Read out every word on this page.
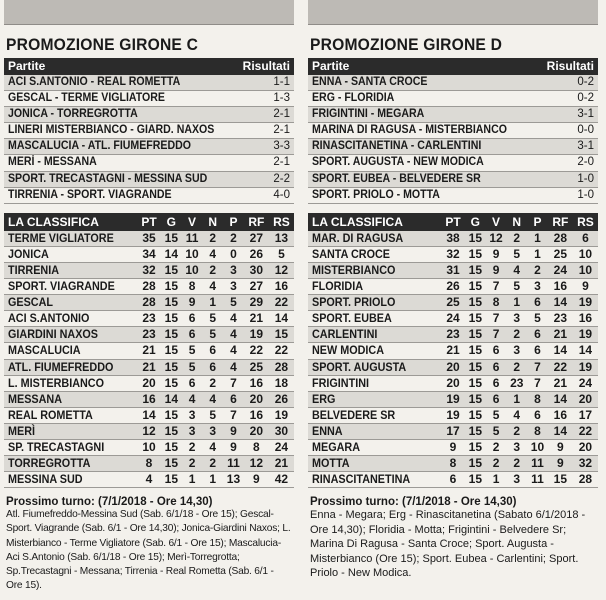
PROMOZIONE GIRONE C
Partite	Risultati
ACI S.ANTONIO - REAL ROMETTA	1-1
GESCAL - TERME VIGLIATORE	1-3
JONICA - TORREGROTTA	2-1
LINERI MISTERBIANCO - GIARD. NAXOS	2-1
MASCALUCIA - ATL. FIUMEFREDDO	3-3
MERÌ - MESSANA	2-1
SPORT. TRECASTAGNI - MESSINA SUD	2-2
TIRRENIA - SPORT. VIAGRANDE	4-0
LA CLASSIFICA	PT	G	V	N	P	RF	RS
TERME VIGLIATORE	35	15	11	2	2	27	13
JONICA	34	14	10	4	0	26	5
TIRRENIA	32	15	10	2	3	30	12
SPORT. VIAGRANDE	28	15	8	4	3	27	16
GESCAL	28	15	9	1	5	29	22
ACI S.ANTONIO	23	15	6	5	4	21	14
GIARDINI NAXOS	23	15	6	5	4	19	15
MASCALUCIA	21	15	5	6	4	22	22
ATL. FIUMEFREDDO	21	15	5	6	4	25	28
L. MISTERBIANCO	20	15	6	2	7	16	18
MESSANA	16	14	4	4	6	20	26
REAL ROMETTA	14	15	3	5	7	16	19
MERÌ	12	15	3	3	9	20	30
SP. TRECASTAGNI	10	15	2	4	9	8	24
TORREGROTTA	8	15	2	2	11	12	21
MESSINA SUD	4	15	1	1	13	9	42
Prossimo turno: (7/1/2018 - Ore 14,30)
Atl. Fiumefreddo-Messina Sud (Sab. 6/1/18 - Ore 15); Gescal-Sport. Viagrande (Sab. 6/1 - Ore 14,30); Jonica-Giardini Naxos; L. Misterbianco - Terme Vigliatore (Sab. 6/1 - Ore 15); Mascalucia-Aci S.Antonio (Sab. 6/1/18 - Ore 15); Merì-Torregrotta; Sp.Trecastagni - Messana; Tirrenia - Real Rometta (Sab. 6/1 - Ore 15).
PROMOZIONE GIRONE D
Partite	Risultati
ENNA - SANTA CROCE	0-2
ERG - FLORIDIA	0-2
FRIGINTINI - MEGARA	3-1
MARINA DI RAGUSA - MISTERBIANCO	0-0
RINASCITANETINA - CARLENTINI	3-1
SPORT. AUGUSTA - NEW MODICA	2-0
SPORT. EUBEA - BELVEDERE SR	1-0
SPORT. PRIOLO - MOTTA	1-0
LA CLASSIFICA	PT	G	V	N	P	RF	RS
MAR. DI RAGUSA	38	15	12	2	1	28	6
SANTA CROCE	32	15	9	5	1	25	10
MISTERBIANCO	31	15	9	4	2	24	10
FLORIDIA	26	15	7	5	3	16	9
SPORT. PRIOLO	25	15	8	1	6	14	19
SPORT. EUBEA	24	15	7	3	5	23	16
CARLENTINI	23	15	7	2	6	21	19
NEW MODICA	21	15	6	3	6	14	14
SPORT. AUGUSTA	20	15	6	2	7	22	19
FRIGINTINI	20	15	6	23	7	21	24
ERG	19	15	6	1	8	14	20
BELVEDERE SR	19	15	5	4	6	16	17
ENNA	17	15	5	2	8	14	22
MEGARA	9	15	2	3	10	9	20
MOTTA	8	15	2	2	11	9	32
RINASCITANETINA	6	15	1	3	11	15	28
Prossimo turno: (7/1/2018 - Ore 14,30)
Enna - Megara; Erg - Rinascitanetina (Sabato 6/1/2018 - Ore 14,30); Floridia - Motta; Frigintini - Belvedere Sr; Marina Di Ragusa - Santa Croce; Sport. Augusta - Misterbianco (Ore 15); Sport. Eubea - Carlentini; Sport. Priolo - New Modica.
